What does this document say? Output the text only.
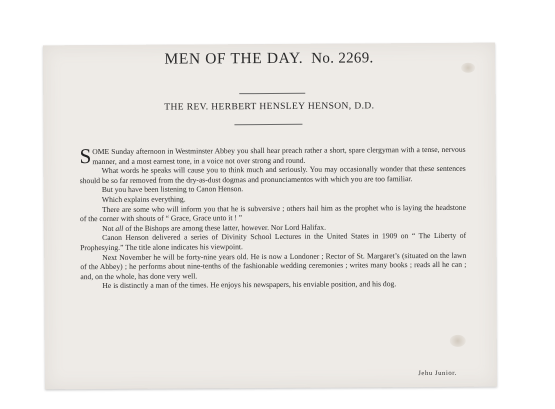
MEN OF THE DAY. No. 2269.
THE REV. HERBERT HENSLEY HENSON, D.D.

SOME Sunday afternoon in Westminster Abbey you shall hear preach rather a short, spare clergyman with a tense, nervous manner, and a most earnest tone, in a voice not over strong and round.

What words he speaks will cause you to think much and seriously. You may occasionally wonder that these sentences should be so far removed from the dry-as-dust dogmas and pronunciamentos with which you are too familiar.

But you have been listening to Canon Henson.

Which explains everything.

There are some who will inform you that he is subversive ; others hail him as the prophet who is laying the headstone of the corner with shouts of “ Grace, Grace unto it ! ”

Not all of the Bishops are among these latter, however. Nor Lord Halifax.

Canon Henson delivered a series of Divinity School Lectures in the United States in 1909 on “ The Liberty of Prophesying.” The title alone indicates his viewpoint.

Next November he will be forty-nine years old. He is now a Londoner ; Rector of St. Margaret’s (situated on the lawn of the Abbey) ; he performs about nine-tenths of the fashionable wedding ceremonies ; writes many books ; reads all he can ; and, on the whole, has done very well.

He is distinctly a man of the times. He enjoys his newspapers, his enviable position, and his dog.

Jehu Junior.
